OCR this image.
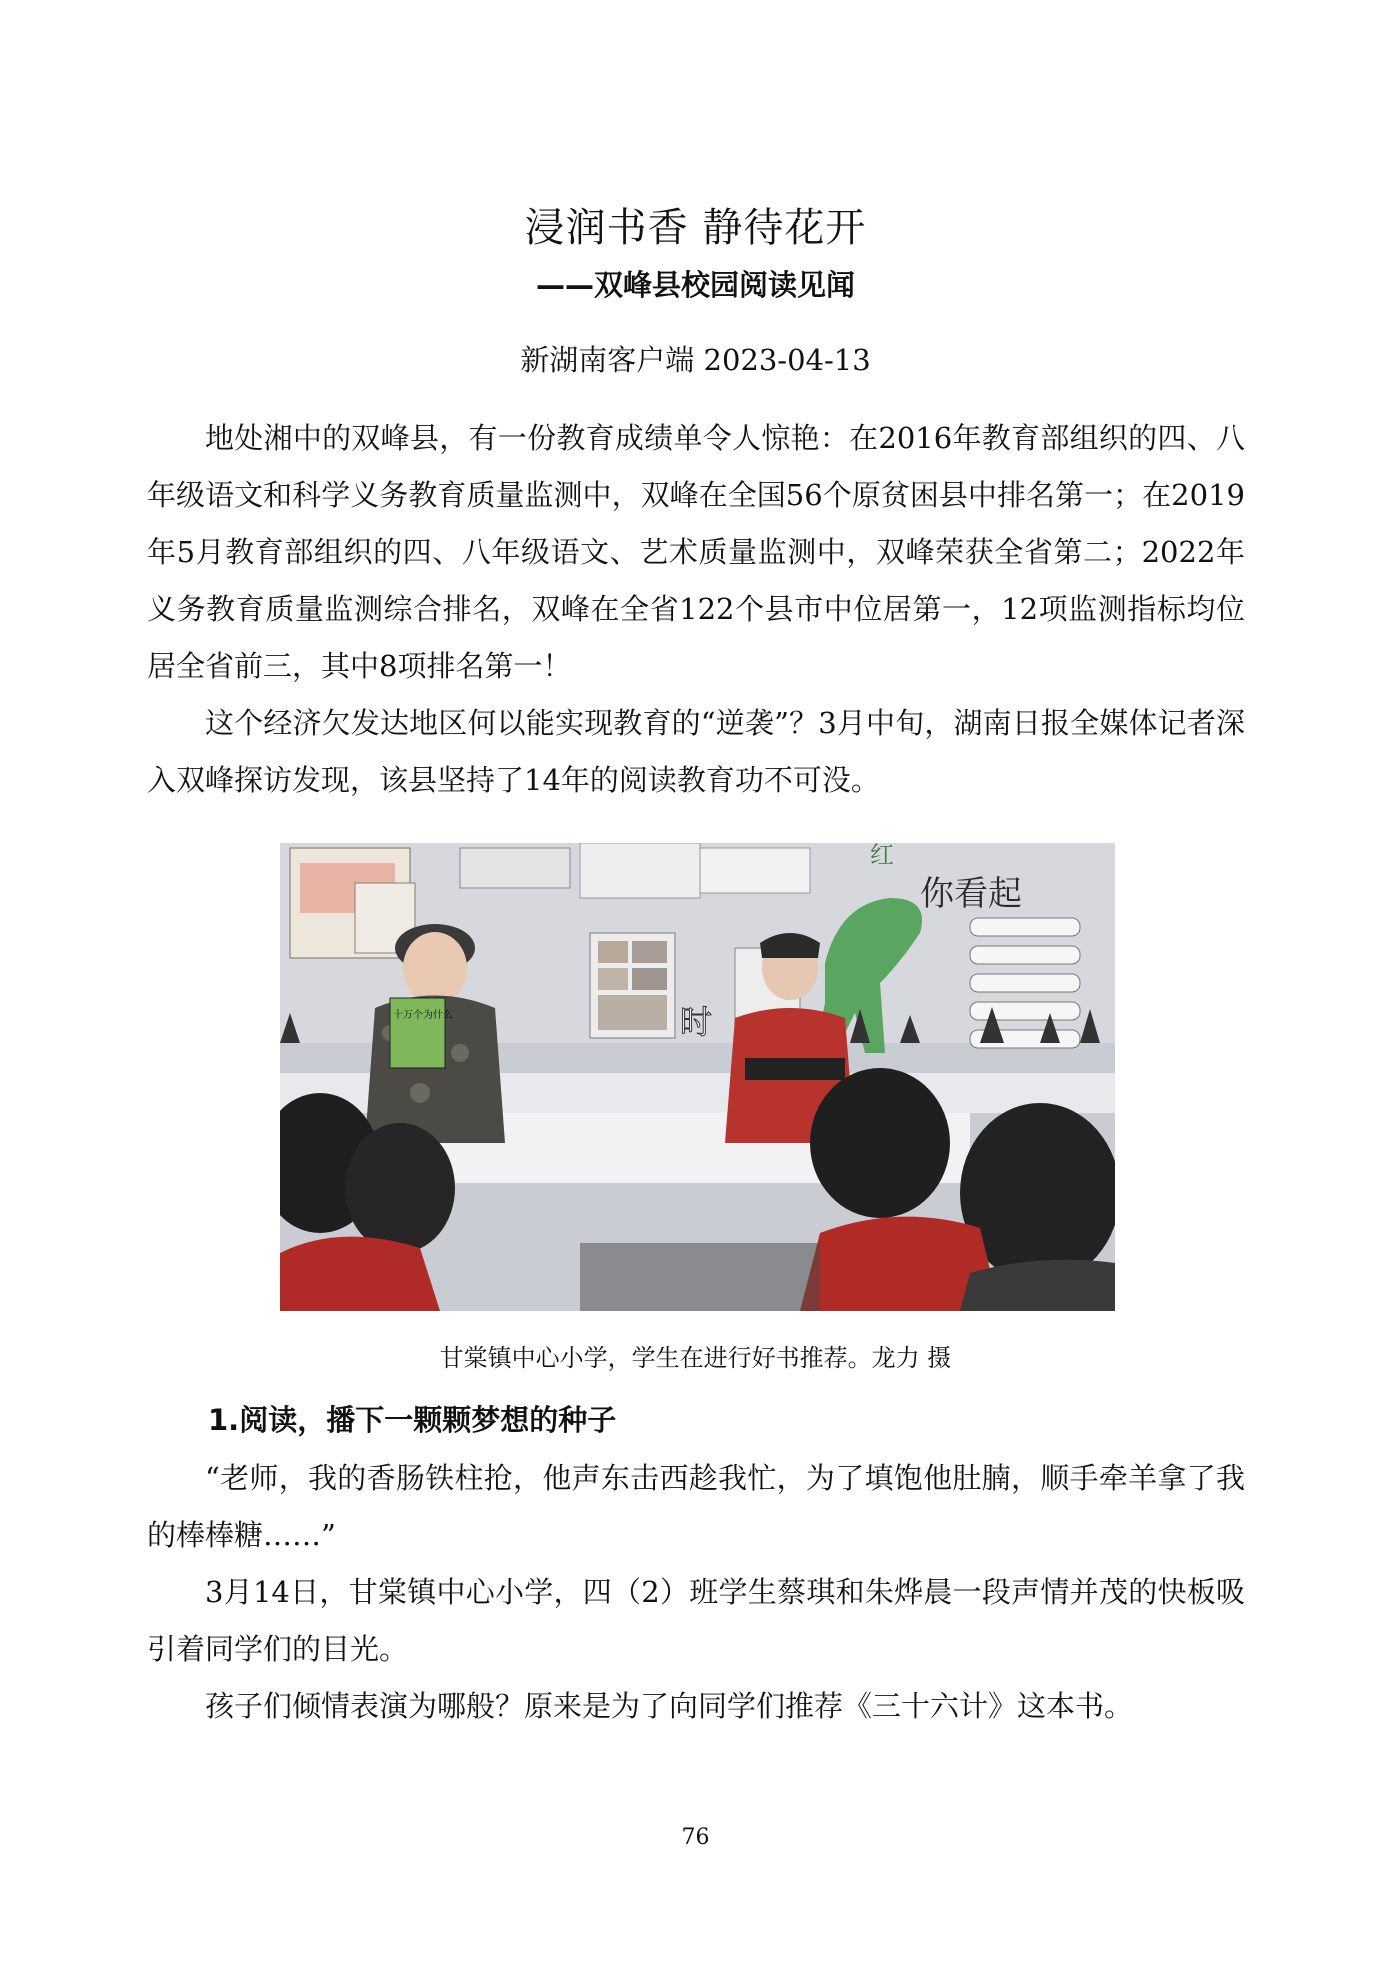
浸润书香 静待花开
——双峰县校园阅读见闻
新湖南客户端 2023-04-13

地处湘中的双峰县，有一份教育成绩单令人惊艳：在2016年教育部组织的四、八年级语文和科学义务教育质量监测中，双峰在全国56个原贫困县中排名第一；在2019年5月教育部组织的四、八年级语文、艺术质量监测中，双峰荣获全省第二；2022年义务教育质量监测综合排名，双峰在全省122个县市中位居第一，12项监测指标均位居全省前三，其中8项排名第一！

这个经济欠发达地区何以能实现教育的“逆袭”？3月中旬，湖南日报全媒体记者深入双峰探访发现，该县坚持了14年的阅读教育功不可没。

你看起
红
时
十万个为什么
甘棠镇中心小学，学生在进行好书推荐。龙力 摄
1.阅读，播下一颗颗梦想的种子

“老师，我的香肠铁柱抢，他声东击西趁我忙，为了填饱他肚腩，顺手牵羊拿了我的棒棒糖……”

3月14日，甘棠镇中心小学，四（2）班学生蔡琪和朱烨晨一段声情并茂的快板吸引着同学们的目光。

孩子们倾情表演为哪般？原来是为了向同学们推荐《三十六计》这本书。

76
